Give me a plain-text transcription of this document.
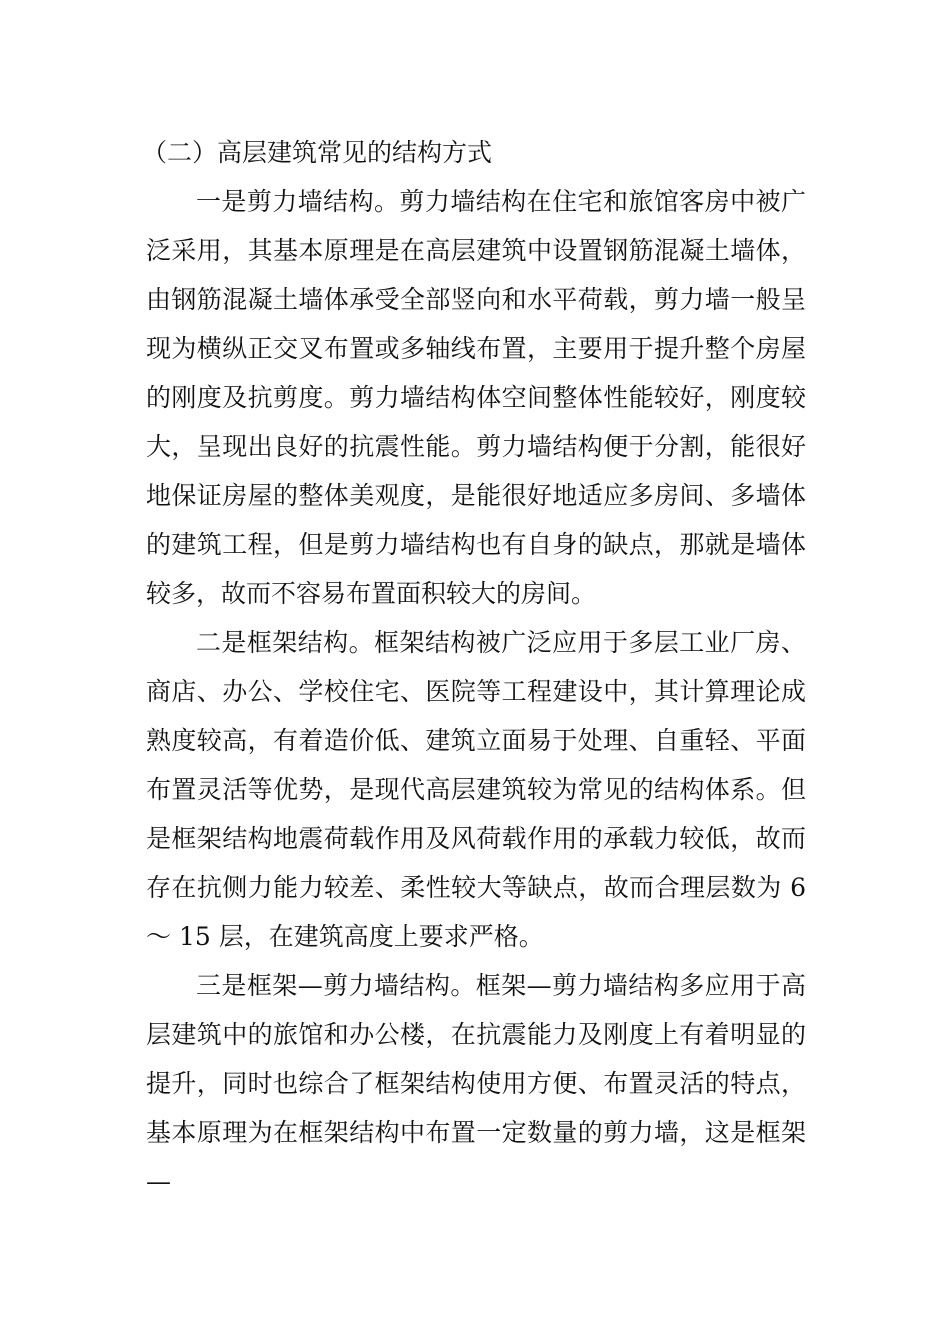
（二）高层建筑常见的结构方式

一是剪力墙结构。剪力墙结构在住宅和旅馆客房中被广泛采用，其基本原理是在高层建筑中设置钢筋混凝土墙体，由钢筋混凝土墙体承受全部竖向和水平荷载，剪力墙一般呈现为横纵正交叉布置或多轴线布置，主要用于提升整个房屋的刚度及抗剪度。剪力墙结构体空间整体性能较好，刚度较大，呈现出良好的抗震性能。剪力墙结构便于分割，能很好地保证房屋的整体美观度，是能很好地适应多房间、多墙体的建筑工程，但是剪力墙结构也有自身的缺点，那就是墙体较多，故而不容易布置面积较大的房间。

二是框架结构。框架结构被广泛应用于多层工业厂房、商店、办公、学校住宅、医院等工程建设中，其计算理论成熟度较高，有着造价低、建筑立面易于处理、自重轻、平面布置灵活等优势，是现代高层建筑较为常见的结构体系。但是框架结构地震荷载作用及风荷载作用的承载力较低，故而存在抗侧力能力较差、柔性较大等缺点，故而合理层数为 6 ～ 15 层，在建筑高度上要求严格。

三是框架—剪力墙结构。框架—剪力墙结构多应用于高层建筑中的旅馆和办公楼，在抗震能力及刚度上有着明显的提升，同时也综合了框架结构使用方便、布置灵活的特点，基本原理为在框架结构中布置一定数量的剪力墙，这是框架—
